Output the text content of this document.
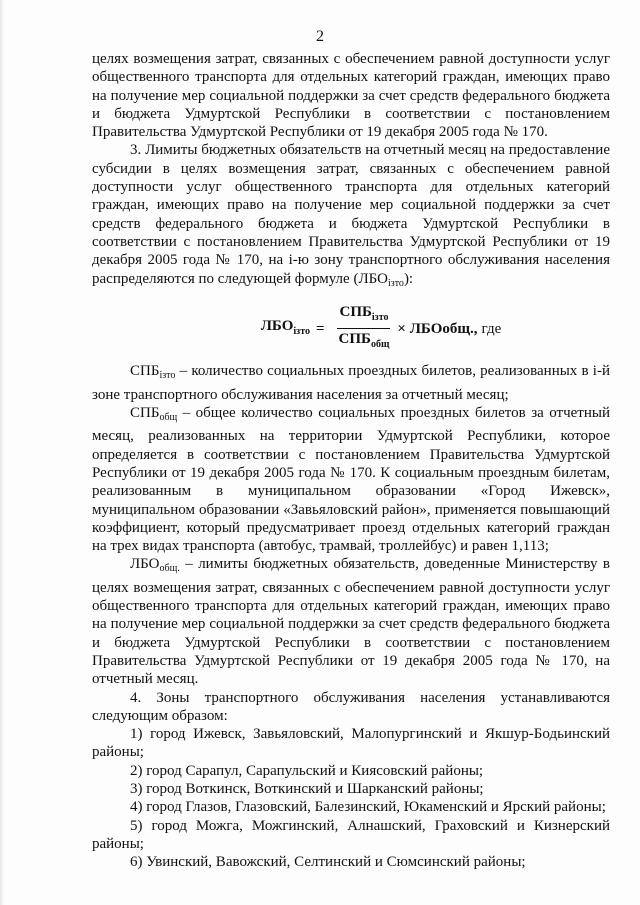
2

целях возмещения затрат, связанных с обеспечением равной доступности услуг общественного транспорта для отдельных категорий граждан, имеющих право на получение мер социальной поддержки за счет средств федерального бюджета и бюджета Удмуртской Республики в соответствии с постановлением Правительства Удмуртской Республики от 19 декабря 2005 года № 170.

3. Лимиты бюджетных обязательств на отчетный месяц на предоставление субсидии в целях возмещения затрат, связанных с обеспечением равной доступности услуг общественного транспорта для отдельных категорий граждан, имеющих право на получение мер социальной поддержки за счет средств федерального бюджета и бюджета Удмуртской Республики в соответствии с постановлением Правительства Удмуртской Республики от 19 декабря 2005 года № 170, на i-ю зону транспортного обслуживания населения распределяются по следующей формуле $(ЛБО_{iзто})$:

$ЛБО_{iзто} = \frac{СПБ_{iзто}}{СПБ_{общ}}$ × ЛБОобщ., где

$СПБ_{iзто}$ – количество социальных проездных билетов, реализованных в i-й зоне транспортного обслуживания населения за отчетный месяц;

$СПБ_{общ}$ – общее количество социальных проездных билетов за отчетный месяц, реализованных на территории Удмуртской Республики, которое определяется в соответствии с постановлением Правительства Удмуртской Республики от 19 декабря 2005 года № 170. К социальным проездным билетам, реализованным в муниципальном образовании «Город Ижевск», муниципальном образовании «Завьяловский район», применяется повышающий коэффициент, который предусматривает проезд отдельных категорий граждан на трех видах транспорта (автобус, трамвай, троллейбус) и равен 1,113;

$ЛБО_{общ.}$ – лимиты бюджетных обязательств, доведенные Министерству в целях возмещения затрат, связанных с обеспечением равной доступности услуг общественного транспорта для отдельных категорий граждан, имеющих право на получение мер социальной поддержки за счет средств федерального бюджета и бюджета Удмуртской Республики в соответствии с постановлением Правительства Удмуртской Республики от 19 декабря 2005 года № 170, на отчетный месяц.

4. Зоны транспортного обслуживания населения устанавливаются следующим образом:

1) город Ижевск, Завьяловский, Малопургинский и Якшур-Бодьинский районы;

2) город Сарапул, Сарапульский и Киясовский районы;

3) город Воткинск, Воткинский и Шарканский районы;

4) город Глазов, Глазовский, Балезинский, Юкаменский и Ярский районы;

5) город Можга, Можгинский, Алнашский, Граховский и Кизнерский районы;

6) Увинский, Вавожский, Селтинский и Сюмсинский районы;
